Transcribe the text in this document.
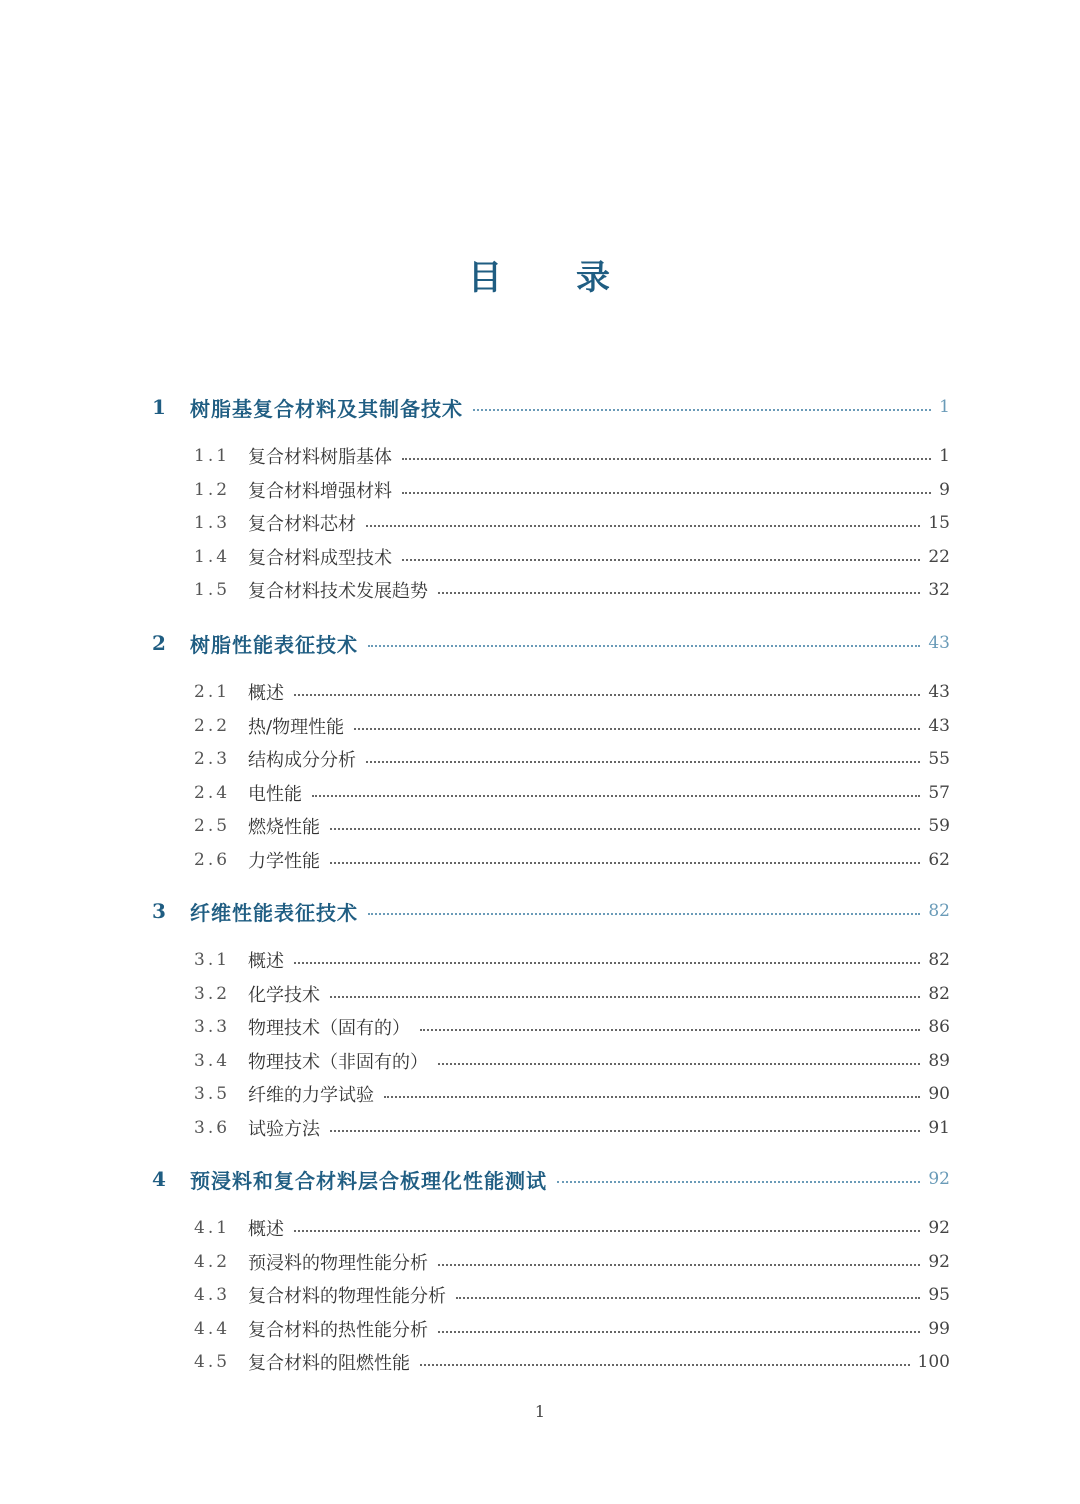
目 录
1	树脂基复合材料及其制备技术	1
1.1 复合材料树脂基体	1
1.2 复合材料增强材料	9
1.3 复合材料芯材	15
1.4 复合材料成型技术	22
1.5 复合材料技术发展趋势	32
2	树脂性能表征技术	43
2.1 概述	43
2.2 热/物理性能	43
2.3 结构成分分析	55
2.4 电性能	57
2.5 燃烧性能	59
2.6 力学性能	62
3	纤维性能表征技术	82
3.1 概述	82
3.2 化学技术	82
3.3 物理技术（固有的）	86
3.4 物理技术（非固有的）	89
3.5 纤维的力学试验	90
3.6 试验方法	91
4	预浸料和复合材料层合板理化性能测试	92
4.1 概述	92
4.2 预浸料的物理性能分析	92
4.3 复合材料的物理性能分析	95
4.4 复合材料的热性能分析	99
4.5 复合材料的阻燃性能	100
1
